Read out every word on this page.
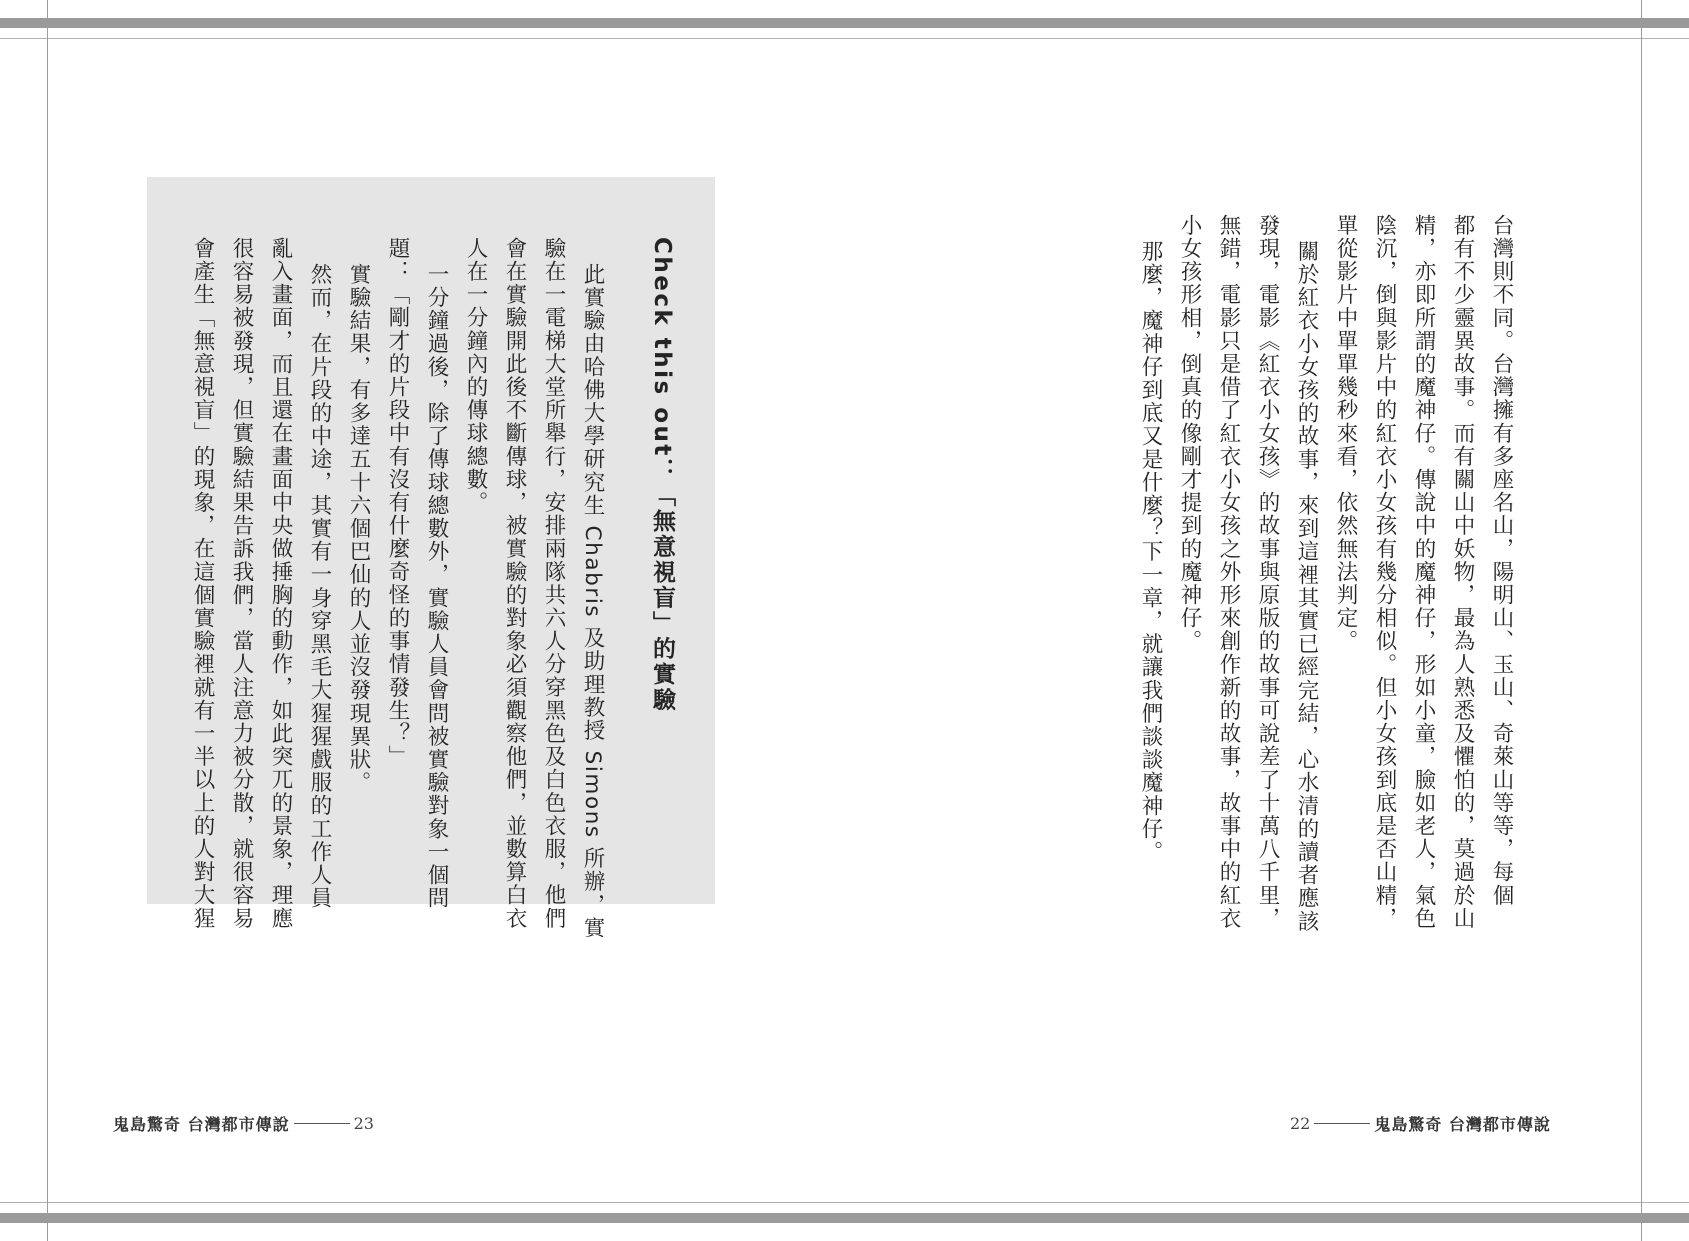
台灣則不同。台灣擁有多座名山，陽明山、玉山、奇萊山等等，每個

都有不少靈異故事。而有關山中妖物，最為人熟悉及懼怕的，莫過於山

精，亦即所謂的魔神仔。傳說中的魔神仔，形如小童，臉如老人，氣色

陰沉，倒與影片中的紅衣小女孩有幾分相似。但小女孩到底是否山精，

單從影片中單單幾秒來看，依然無法判定。

關於紅衣小女孩的故事，來到這裡其實已經完結，心水清的讀者應該

發現，電影《紅衣小女孩》的故事與原版的故事可說差了十萬八千里，

無錯，電影只是借了紅衣小女孩之外形來創作新的故事，故事中的紅衣

小女孩形相，倒真的像剛才提到的魔神仔。

那麼，魔神仔到底又是什麼？下一章，就讓我們談談魔神仔。

Check this out：「無意視盲」的實驗

此實驗由哈佛大學研究生 Chabris 及助理教授 Simons 所辦，實

驗在一電梯大堂所舉行，安排兩隊共六人分穿黑色及白色衣服，他們

會在實驗開此後不斷傳球，被實驗的對象必須觀察他們，並數算白衣

人在一分鐘內的傳球總數。

一分鐘過後，除了傳球總數外，實驗人員會問被實驗對象一個問

題：「剛才的片段中有沒有什麼奇怪的事情發生？」

實驗結果，有多達五十六個巴仙的人並沒發現異狀。

然而，在片段的中途，其實有一身穿黑毛大猩猩戲服的工作人員

亂入畫面，而且還在畫面中央做捶胸的動作，如此突兀的景象，理應

很容易被發現，但實驗結果告訴我們，當人注意力被分散，就很容易

會產生「無意視盲」的現象，在這個實驗裡就有一半以上的人對大猩

鬼島驚奇 台灣都市傳說	23	22	鬼島驚奇 台灣都市傳說
